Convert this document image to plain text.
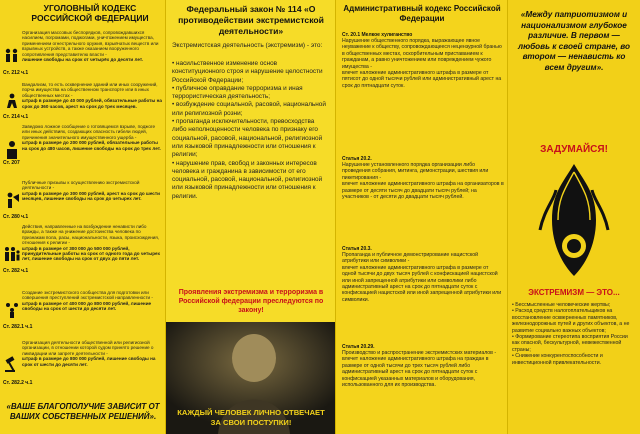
УГОЛОВНЫЙ КОДЕКС РОССИЙСКОЙ ФЕДЕРАЦИИ
Организация массовых беспорядков, сопровождавшихся насилием, погромами, поджогами, уничтожением имущества, применением огнестрельного оружия, взрывчатых веществ или взрывных устройств, а также оказанием вооруженного сопротивления представителю власти -
лишение свободы на срок от четырёх до десяти лет.
Ст. 212 ч.1
Вандализм, то есть осквернение зданий или иных сооружений, порча имущества на общественном транспорте или в иных общественных местах -
штраф в размере до 40 000 рублей, обязательные работы на срок до 360 часов, арест на срок до трех месяцев.
Ст. 214 ч.1
Заведомо ложное сообщение о готовящемся взрыве, поджоге или иных действиях, создающих опасность гибели людей, причинения значительного имущественного ущерба -
штраф в размере до 200 000 рублей, обязательные работы на срок до 480 часов, лишение свободы на срок до трех лет.
Ст. 207
Публичные призывы к осуществлению экстремистской деятельности -
штраф в размере до 300 000 рублей, арест на срок до шести месяцев, лишение свободы на срок до четырех лет.
Ст. 280 ч.1
Действия, направленные на возбуждение ненависти либо вражды, а также на унижение достоинства человека по признакам пола, расы, национальности, языка, происхождения, отношения к религии -
штраф в размере от 300 000 до 500 000 рублей, принудительные работы на срок от одного года до четырех лет, лишение свободы на срок от двух до пяти лет.
Ст. 282 ч.1
Создание экстремистского сообщества для подготовки или совершения преступлений экстремистской направленности -
штраф в размере от 400 000 до 800 000 рублей, лишение свободы на срок от шести до десяти лет.
Ст. 282.1 ч.1
Организация деятельности общественной или религиозной организации, в отношении которой судом принято решение о ликвидации или запрете деятельности -
штраф в размере до 800 000 рублей, лишение свободы на срок от шести до десяти лет.
Ст. 282.2 ч.1
«ВАШЕ БЛАГОПОЛУЧИЕ ЗАВИСИТ ОТ ВАШИХ СОБСТВЕННЫХ РЕШЕНИЙ».
Федеральный закон № 114 «О противодействии экстремистской деятельности»
Экстремистская деятельность (экстремизм) - это:

• насильственное изменение основ конституционного строя и нарушение целостности Российской Федерации;

• публичное оправдание терроризма и иная террористическая деятельность;

• возбуждение социальной, расовой, национальной или религиозной розни;

• пропаганда исключительности, превосходства либо неполноценности человека по признаку его социальной, расовой, национальной, религиозной или языковой принадлежности или отношения к религии;

• нарушение прав, свобод и законных интересов человека и гражданина в зависимости от его социальной, расовой, национальной, религиозной или языковой принадлежности или отношения к религии.

Проявления экстремизма и терроризма в Российской федерации преследуются по закону!
КАЖДЫЙ ЧЕЛОВЕК ЛИЧНО ОТВЕЧАЕТ ЗА СВОИ ПОСТУПКИ!
Административный кодекс Российской Федерации
Ст. 20.1 Мелкое хулиганство
Нарушение общественного порядка, выражающее явное неуважение к обществу, сопровождающееся нецензурной бранью в общественных местах, оскорбительным приставанием к гражданам, а равно уничтожением или повреждением чужого имущества -
влечет наложение административного штрафа в размере от пятисот до одной тысячи рублей или административный арест на срок до пятнадцати суток.
Статья 20.2.
Нарушение установленного порядка организации либо проведения собрания, митинга, демонстрации, шествия или пикетирования -
влечет наложение административного штрафа на организаторов в размере от десяти тысяч до двадцати тысяч рублей; на участников - от десяти до двадцати тысяч рублей.
Статья 20.3.
Пропаганда и публичное демонстрирование нацистской атрибутики или символики -
влечет наложение административного штрафа в размере от одной тысячи до двух тысяч рублей с конфискацией нацистской или иной запрещенной атрибутики или символики либо административный арест на срок до пятнадцати суток с конфискацией нацистской или иной запрещенной атрибутики или символики.
Статья 20.29.
Производство и распространение экстремистских материалов -
влечет наложение административного штрафа на граждан в размере от одной тысячи до трех тысяч рублей либо административный арест на срок до пятнадцати суток с конфискацией указанных материалов и оборудования, использованного для их производства.
«Между патриотизмом и национализмом глубокое различие. В первом — любовь к своей стране, во втором — ненависть ко всем другим».
ЗАДУМАЙСЯ!
ЭКСТРЕМИЗМ — ЭТО...

• Бессмысленные человеческие жертвы;

• Расход средств налогоплательщиков на восстановление оскверненных памятников, железнодорожных путей и других объектов, а не развитие социально важных объектов;

• Формирование стереотипа восприятия России как опасной, бескультурной, невежественной страны;

• Снижение конкурентоспособности и инвестиционной привлекательности.
